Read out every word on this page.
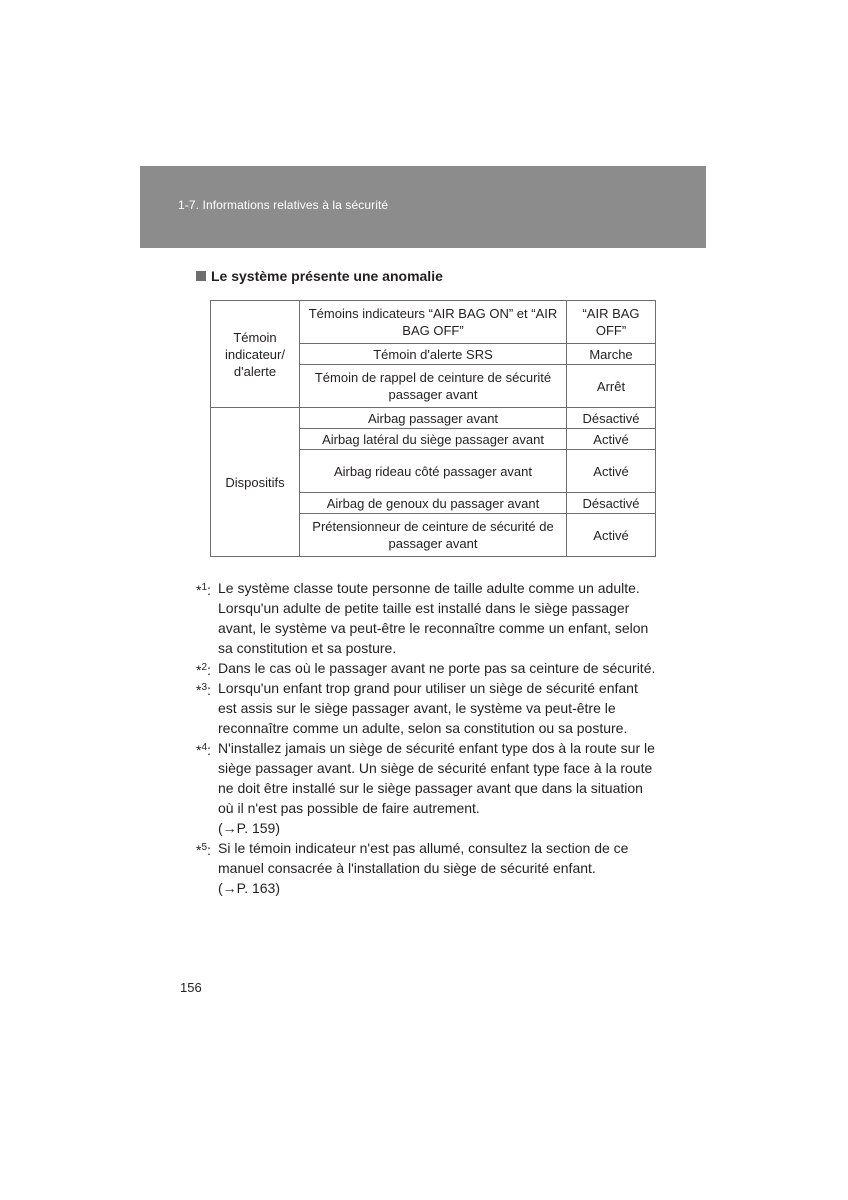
1-7. Informations relatives à la sécurité
Le système présente une anomalie
Témoin indicateur/ d'alerte	Témoins indicateurs “AIR BAG ON” et “AIR BAG OFF”	“AIR BAG OFF”
	Témoin d'alerte SRS	Marche
	Témoin de rappel de ceinture de sécurité passager avant	Arrêt
Dispositifs	Airbag passager avant	Désactivé
	Airbag latéral du siège passager avant	Activé
	Airbag rideau côté passager avant	Activé
	Airbag de genoux du passager avant	Désactivé
	Prétensionneur de ceinture de sécurité de passager avant	Activé
*$^1$: Le système classe toute personne de taille adulte comme un adulte. Lorsqu'un adulte de petite taille est installé dans le siège passager avant, le système va peut-être le reconnaître comme un enfant, selon sa constitution et sa posture.
*$^2$: Dans le cas où le passager avant ne porte pas sa ceinture de sécurité.
*$^3$: Lorsqu'un enfant trop grand pour utiliser un siège de sécurité enfant est assis sur le siège passager avant, le système va peut-être le reconnaître comme un adulte, selon sa constitution ou sa posture.
*$^4$: N'installez jamais un siège de sécurité enfant type dos à la route sur le siège passager avant. Un siège de sécurité enfant type face à la route ne doit être installé sur le siège passager avant que dans la situation où il n'est pas possible de faire autrement.
(→P. 159)
*$^5$: Si le témoin indicateur n'est pas allumé, consultez la section de ce manuel consacrée à l'installation du siège de sécurité enfant.
(→P. 163)
156
